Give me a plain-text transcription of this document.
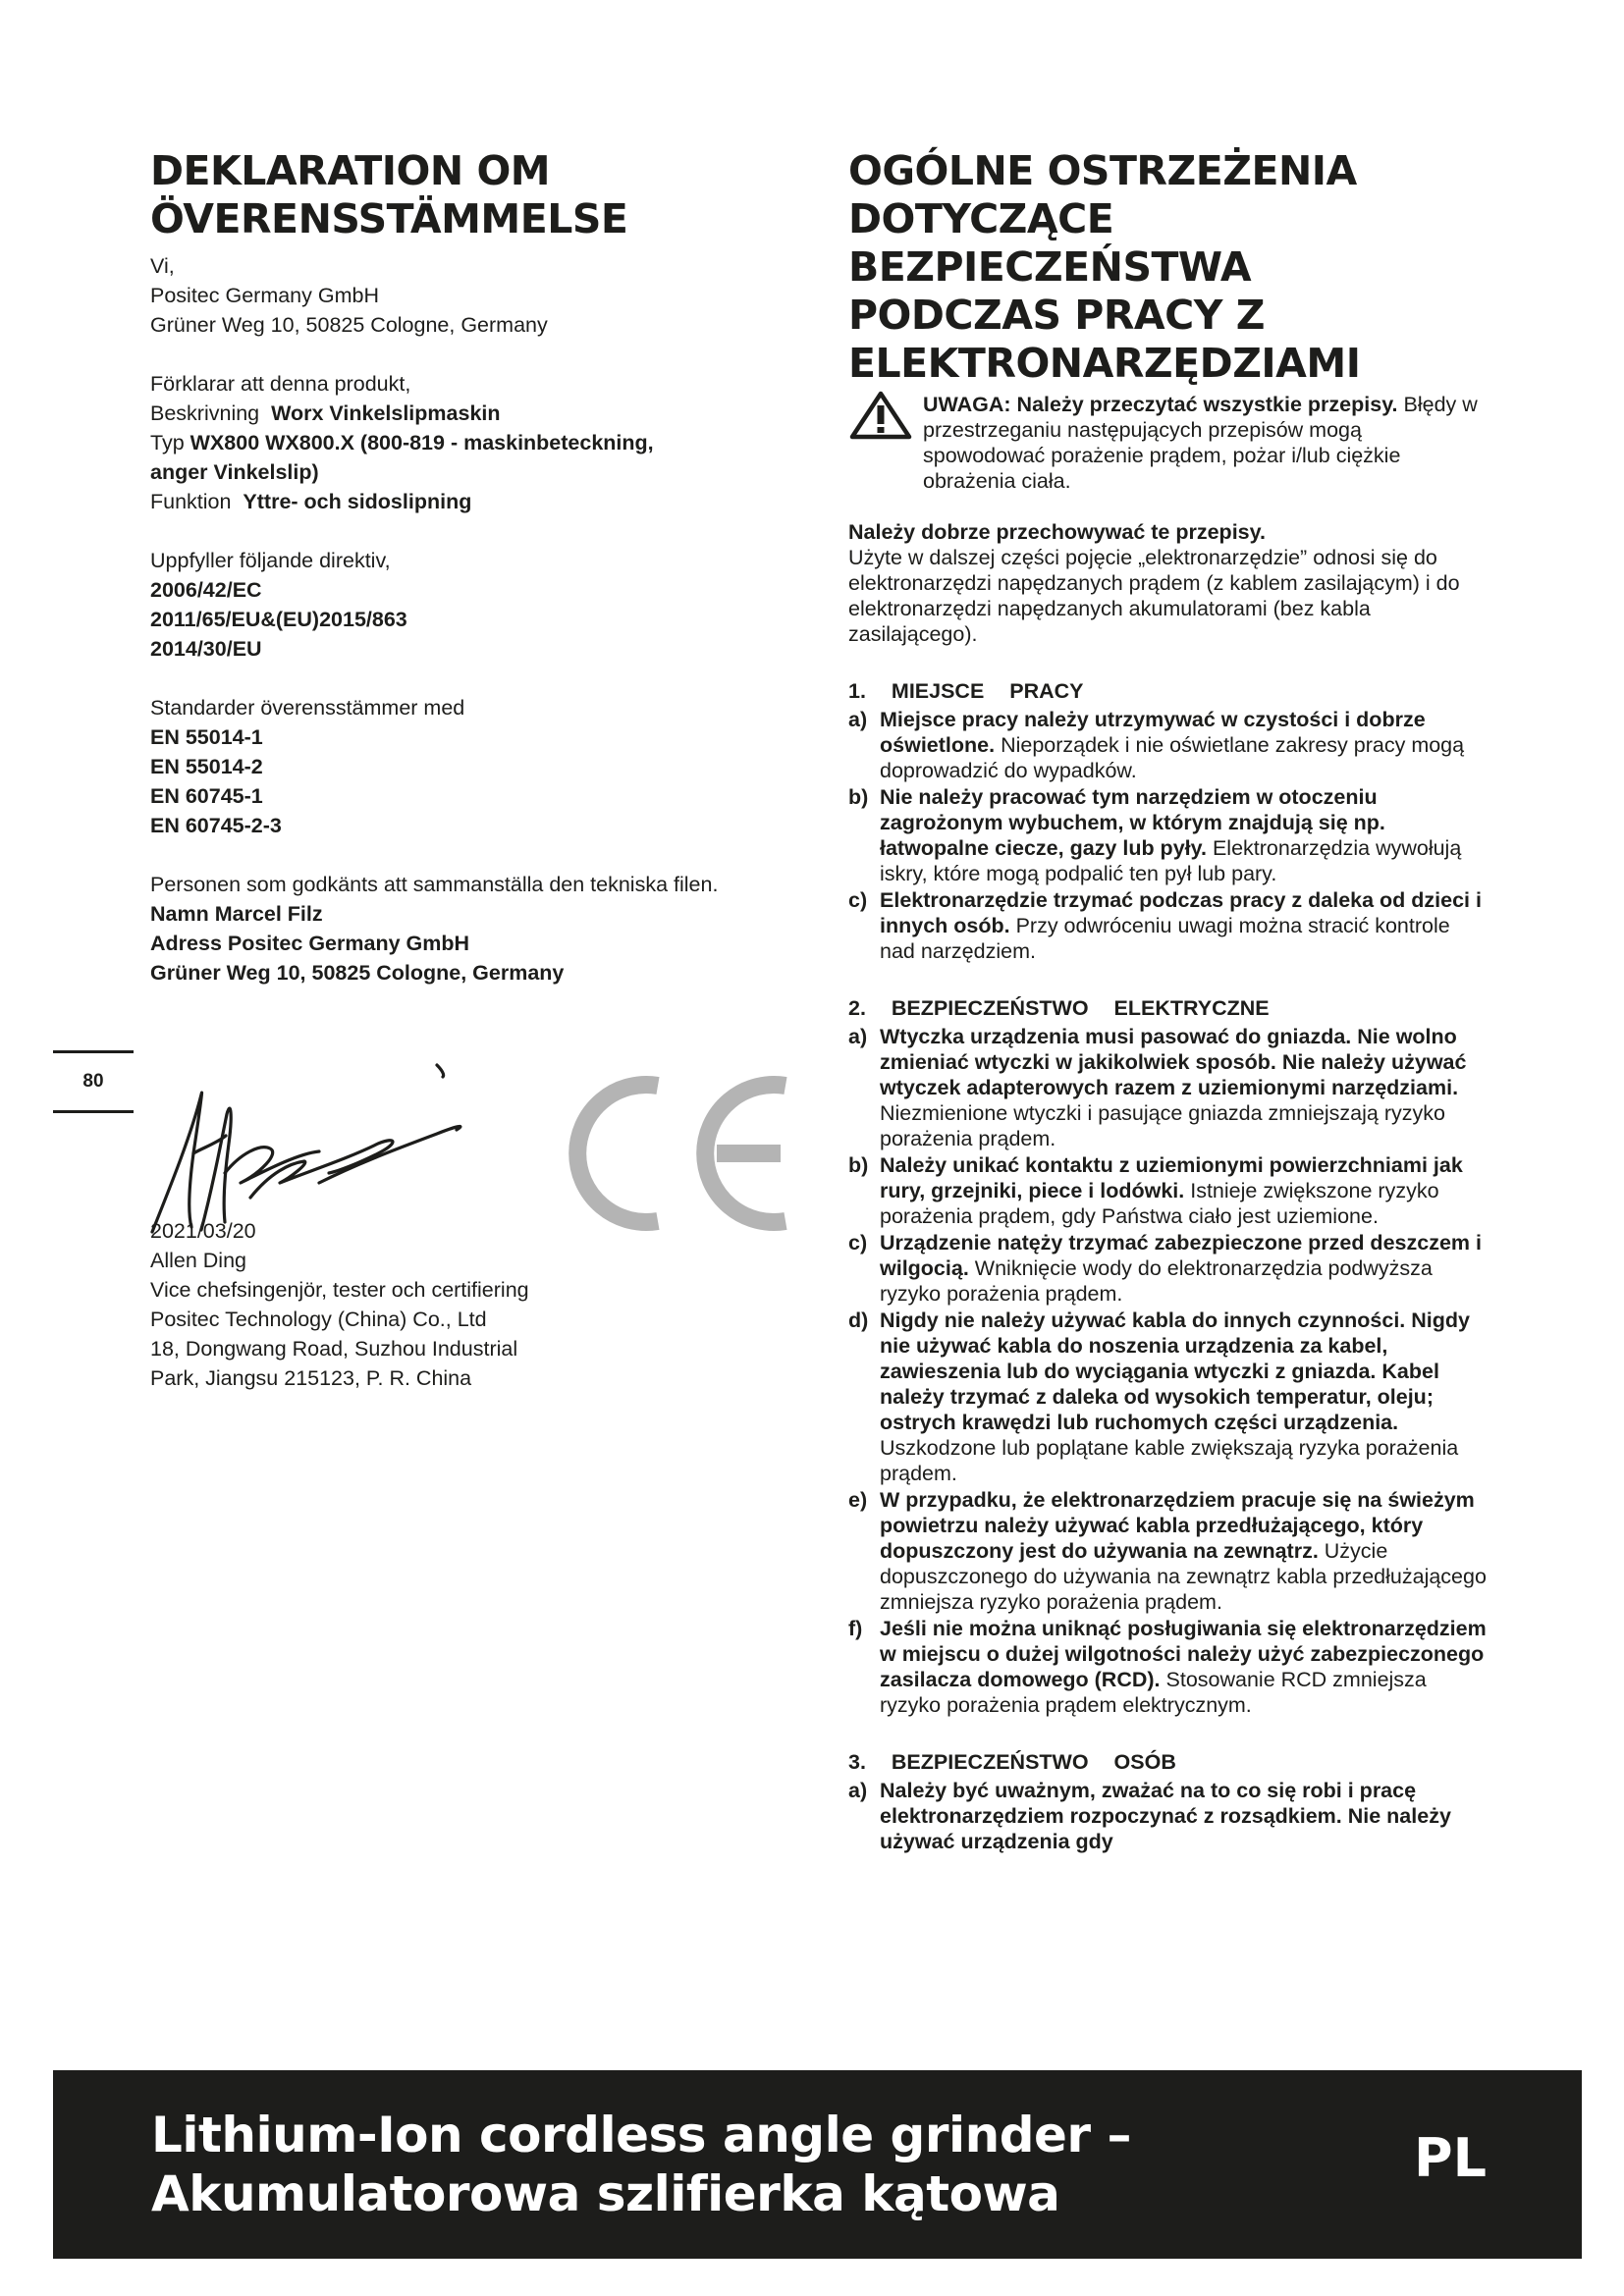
DEKLARATION OM
ÖVERENSSTÄMMELSE

Vi,

Positec Germany GmbH

Grüner Weg 10, 50825 Cologne, Germany

Förklarar att denna produkt,

Beskrivning Worx Vinkelslipmaskin

Typ WX800 WX800.X (800-819 - maskinbeteckning,

anger Vinkelslip)

Funktion Yttre- och sidoslipning

Uppfyller följande direktiv,

2006/42/EC

2011/65/EU&(EU)2015/863

2014/30/EU

Standarder överensstämmer med

EN 55014-1

EN 55014-2

EN 60745-1

EN 60745-2-3

Personen som godkänts att sammanställa den tekniska filen.

Namn Marcel Filz

Adress Positec Germany GmbH

Grüner Weg 10, 50825 Cologne, Germany

2021/03/20

Allen Ding

Vice chefsingenjör, tester och certifiering

Positec Technology (China) Co., Ltd

18, Dongwang Road, Suzhou Industrial

Park, Jiangsu 215123, P. R. China

80
OGÓLNE OSTRZEŻENIA
DOTYCZĄCE
BEZPIECZEŃSTWA
PODCZAS PRACY Z
ELEKTRONARZĘDZIAMI

UWAGA: Należy przeczytać wszystkie przepisy. Błędy w przestrzeganiu następujących przepisów mogą spowodować porażenie prądem, pożar i/lub ciężkie obrażenia ciała.

Należy dobrze przechowywać te przepisy.

Użyte w dalszej części pojęcie „elektronarzędzie” odnosi się do elektronarzędzi napędzanych prądem (z kablem zasilającym) i do elektronarzędzi napędzanych akumulatorami (bez kabla zasilającego).

1. MIEJSCE PRACY
a) Miejsce pracy należy utrzymywać w czystości i dobrze oświetlone. Nieporządek i nie oświetlane zakresy pracy mogą doprowadzić do wypadków.
b) Nie należy pracować tym narzędziem w otoczeniu zagrożonym wybuchem, w którym znajdują się np. łatwopalne ciecze, gazy lub pyły. Elektronarzędzia wywołują iskry, które mogą podpalić ten pył lub pary.
c) Elektronarzędzie trzymać podczas pracy z daleka od dzieci i innych osób. Przy odwróceniu uwagi można stracić kontrole nad narzędziem.
2. BEZPIECZEŃSTWO ELEKTRYCZNE
a) Wtyczka urządzenia musi pasować do gniazda. Nie wolno zmieniać wtyczki w jakikolwiek sposób. Nie należy używać wtyczek adapterowych razem z uziemionymi narzędziami. Niezmienione wtyczki i pasujące gniazda zmniejszają ryzyko porażenia prądem.
b) Należy unikać kontaktu z uziemionymi powierzchniami jak rury, grzejniki, piece i lodówki. Istnieje zwiększone ryzyko porażenia prądem, gdy Państwa ciało jest uziemione.
c) Urządzenie natęży trzymać zabezpieczone przed deszczem i wilgocią. Wniknięcie wody do elektronarzędzia podwyższa ryzyko porażenia prądem.
d) Nigdy nie należy używać kabla do innych czynności. Nigdy nie używać kabla do noszenia urządzenia za kabel, zawieszenia lub do wyciągania wtyczki z gniazda. Kabel należy trzymać z daleka od wysokich temperatur, oleju; ostrych krawędzi lub ruchomych części urządzenia. Uszkodzone lub poplątane kable zwiększają ryzyka porażenia prądem.
e) W przypadku, że elektronarzędziem pracuje się na świeżym powietrzu należy używać kabla przedłużającego, który dopuszczony jest do używania na zewnątrz. Użycie dopuszczonego do używania na zewnątrz kabla przedłużającego zmniejsza ryzyko porażenia prądem.
f) Jeśli nie można uniknąć posługiwania się elektronarzędziem w miejscu o dużej wilgotności należy użyć zabezpieczonego zasilacza domowego (RCD). Stosowanie RCD zmniejsza ryzyko porażenia prądem elektrycznym.
3. BEZPIECZEŃSTWO OSÓB
a) Należy być uważnym, zważać na to co się robi i pracę elektronarzędziem rozpoczynać z rozsądkiem. Nie należy używać urządzenia gdy
Lithium-Ion cordless angle grinder –
Akumulatorowa szlifierka kątowa
PL
